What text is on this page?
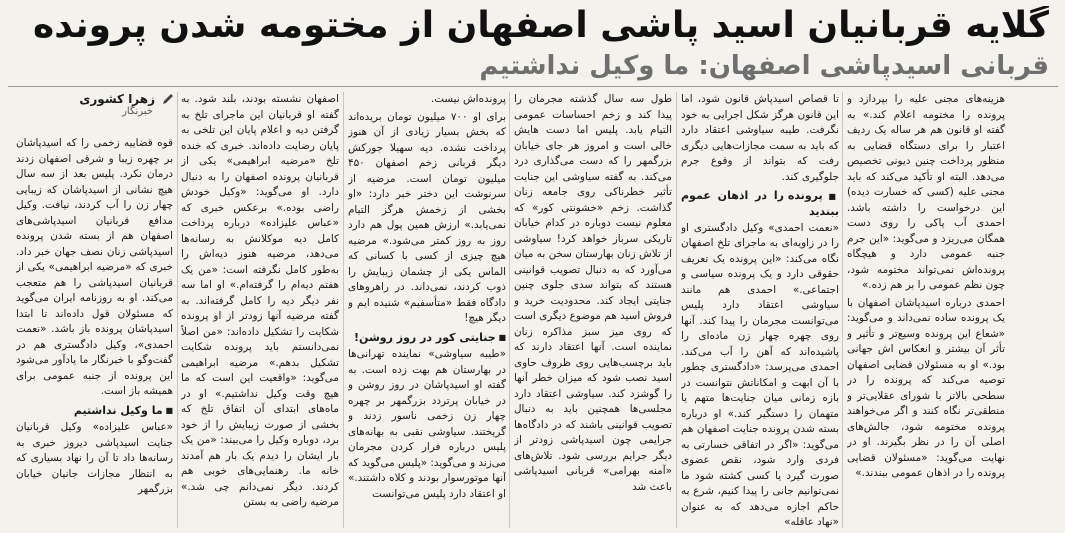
گلایه قربانیان اسید پاشی اصفهان از مختومه شدن پرونده
قربانی اسیدپاشی اصفهان: ما وکیل نداشتیم
زهرا کشوری
خبرنگار

قوه قضاییه زخمی را که اسیدپاشان بر چهره زیبا و شرقی اصفهان زدند درمان نکرد. پلیس بعد از سه سال هیچ نشانی از اسیدپاشان که زیبایی چهار زن را آب کردند، نیافت. وکیل مدافع قربانیان اسیدپاشی‌های اصفهان هم از بسته شدن پرونده اسیدپاشی زنان نصف جهان خبر داد. خبری که «مرضیه ابراهیمی» یکی از قربانیان اسیدپاشی را هم متعجب می‌کند. او به روزنامه ایران می‌گوید که مسئولان قول داده‌اند تا ابتدا اسیدپاشان پرونده باز باشد. «نعمت احمدی»، وکیل دادگستری هم در گفت‌وگو با خبرنگار ما یادآور می‌شود این پرونده از جنبه عمومی برای همیشه باز است.

■ ما وکیل نداشتیم

«عباس علیزاده» وکیل قربانیان جنایت اسیدپاشی دیروز خبری به رسانه‌ها داد تا آن را نهاد بسیاری که به انتظار مجازات جانیان خیابان بزرگمهر

اصفهان نشسته بودند، بلند شود. به گفته او قربانیان این ماجرای تلخ به گرفتن دیه و اعلام پایان این تلخی به پایان رضایت داده‌اند. خبری که خنده تلخ «مرضیه ابراهیمی» یکی از قربانیان پرونده اصفهان را به دنبال دارد. او می‌گوید: «وکیل خودش راضی بوده.» برعکس خبری که «عباس علیزاده» درباره پرداخت کامل دیه موکلانش به رسانه‌ها می‌دهد، مرضیه هنوز دیه‌اش را به‌طور کامل نگرفته است: «من یک هفتم دیه‌ام را گرفته‌ام.» او اما سه نفر دیگر دیه را کامل گرفته‌اند. به گفته مرضیه آنها زودتر از او پرونده شکایت را تشکیل داده‌اند: «من اصلاً نمی‌دانستم باید پرونده شکایت تشکیل بدهم.» مرضیه ابراهیمی می‌گوید: «واقعیت این است که ما هیچ وقت وکیل نداشتیم.» او در ماه‌های ابتدای آن اتفاق تلخ که بخشی از صورت زیبایش را از خود برد، دوباره وکیل را می‌بیند: «من یک بار ایشان را دیدم یک بار هم آمدند خانه ما. رهنمایی‌های خوبی هم کردند. دیگر نمی‌دانم چی شد.» مرضیه راضی به بستن

پرونده‌اش نیست.

برای او ۷۰۰ میلیون تومان بریده‌اند که بخش بسیار زیادی از آن هنوز پرداخت نشده. دیه سهیلا جورکش دیگر قربانی زخم اصفهان ۴۵۰ میلیون تومان است. مرضیه از سرنوشت این دختر خبر دارد: «او بخشی از زخمش هرگز التیام نمی‌یابد.» ارزش همین پول هم دارد روز به روز کمتر می‌شود.» مرضیه هیچ چیزی از کسی با کسانی که الماس یکی از چشمان زیبایش را ذوب کردند، نمی‌داند. در راهروهای دادگاه فقط «متأسفیم» شنیده ایم و دیگر هیچ!

■ جنایتی کور در روز روشن!

«طیبه سیاوشی» نماینده تهرانی‌ها در بهارستان هم بهت زده است. به گفته او اسیدپاشان در روز روشن و در خیابان پرتردد بزرگمهر بر چهره چهار زن زخمی ناسور زدند و گریختند. سیاوشی نقبی به بهانه‌های پلیس درباره فرار کردن مجرمان می‌زند و می‌گوید: «پلیس می‌گوید که آنها موتورسوار بودند و کلاه داشتند.» او اعتقاد دارد پلیس می‌توانست

طول سه سال گذشته مجرمان را پیدا کند و زخم احساسات عمومی التیام یابد. پلیس اما دست هایش خالی است و امروز هر جای خیابان بزرگمهر را که دست می‌گذاری درد می‌کند. به گفته سیاوشی این جنایت تأثیر خطرناکی روی جامعه زنان گذاشت. زخم «خشونتی کور» که معلوم نیست دوباره در کدام خیابان تاریکی سرباز خواهد کرد! سیاوشی از تلاش زنان بهارستان سخن به میان می‌آورد که به دنبال تصویب قوانینی هستند که بتواند سدی جلوی چنین جنایتی ایجاد کند. محدودیت خرید و فروش اسید هم موضوع دیگری است که روی میز سبز مذاکره زنان نماینده است. آنها اعتقاد دارند که باید برچسب‌هایی روی ظروف حاوی اسید نصب شود که میزان خطر آنها را گوشزد کند. سیاوشی اعتقاد دارد مجلسی‌ها همچنین باید به دنبال تصویب قوانینی باشند که در دادگاه‌ها جرایمی چون اسیدپاشی زودتر از دیگر جرایم بررسی شود. تلاش‌های «آمنه بهرامی» قربانی اسیدپاشی باعث شد

تا قصاص اسیدپاش قانون شود، اما این قانون هرگز شکل اجرایی به خود نگرفت. طیبه سیاوشی اعتقاد دارد که باید به سمت مجازات‌هایی دیگری رفت که بتواند از وقوع جرم جلوگیری کند.

■ پرونده را در اذهان عموم ببندید

«نعمت احمدی» وکیل دادگستری او را در زاویه‌ای به ماجرای تلخ اصفهان نگاه می‌کند: «این پرونده یک تعریف حقوقی دارد و یک پرونده سیاسی و اجتماعی.» احمدی هم مانند سیاوشی اعتقاد دارد پلیس می‌توانست مجرمان را پیدا کند. آنها روی چهره چهار زن ماده‌ای را پاشیده‌اند که آهن را آب می‌کند. احمدی می‌پرسد: «دادگستری چطور با آن ابهت و امکاناتش نتوانست در بازه زمانی میان جنایت‌ها متهم یا متهمان را دستگیر کند.» او درباره بسته شدن پرونده جنایت اصفهان هم می‌گوید: «اگر در اتفاقی خسارتی به فردی وارد شود، نقص عضوی صورت گیرد یا کسی کشته شود ما نمی‌توانیم جانی را پیدا کنیم، شرع به حاکم اجازه می‌دهد که به عنوان «نهاد عاقله»

هزینه‌های مجنی علیه را بپردازد و پرونده را مختومه اعلام کند.» به گفته او قانون هم هر ساله یک ردیف اعتبار را برای دستگاه قضایی به منظور پرداخت چنین دیونی تخصیص می‌دهد. البته او تأکید می‌کند که باید مجنی علیه (کسی که خسارت دیده) این درخواست را داشته باشد. احمدی آب پاکی را روی دست همگان می‌ریزد و می‌گوید: «این جرم جنبه عمومی دارد و هیچگاه پرونده‌اش نمی‌تواند مختومه شود، چون نظم عمومی را بر هم زده.»

احمدی درباره اسیدپاشان اصفهان با یک پرونده ساده نمی‌داند و می‌گوید: «شعاع این پرونده وسیع‌تر و تأثیر و تأثر آن بیشتر و انعکاس اش جهانی بود.» او به مسئولان قضایی اصفهان توصیه می‌کند که پرونده را در سطحی بالاتر با شورای عقلایی‌تر و منطقی‌تر نگاه کنند و اگر می‌خواهند پرونده مختومه شود، جالش‌های اصلی آن را در نظر بگیرند. او در نهایت می‌گوید: «مسئولان قضایی پرونده را در اذهان عمومی ببندند.»
